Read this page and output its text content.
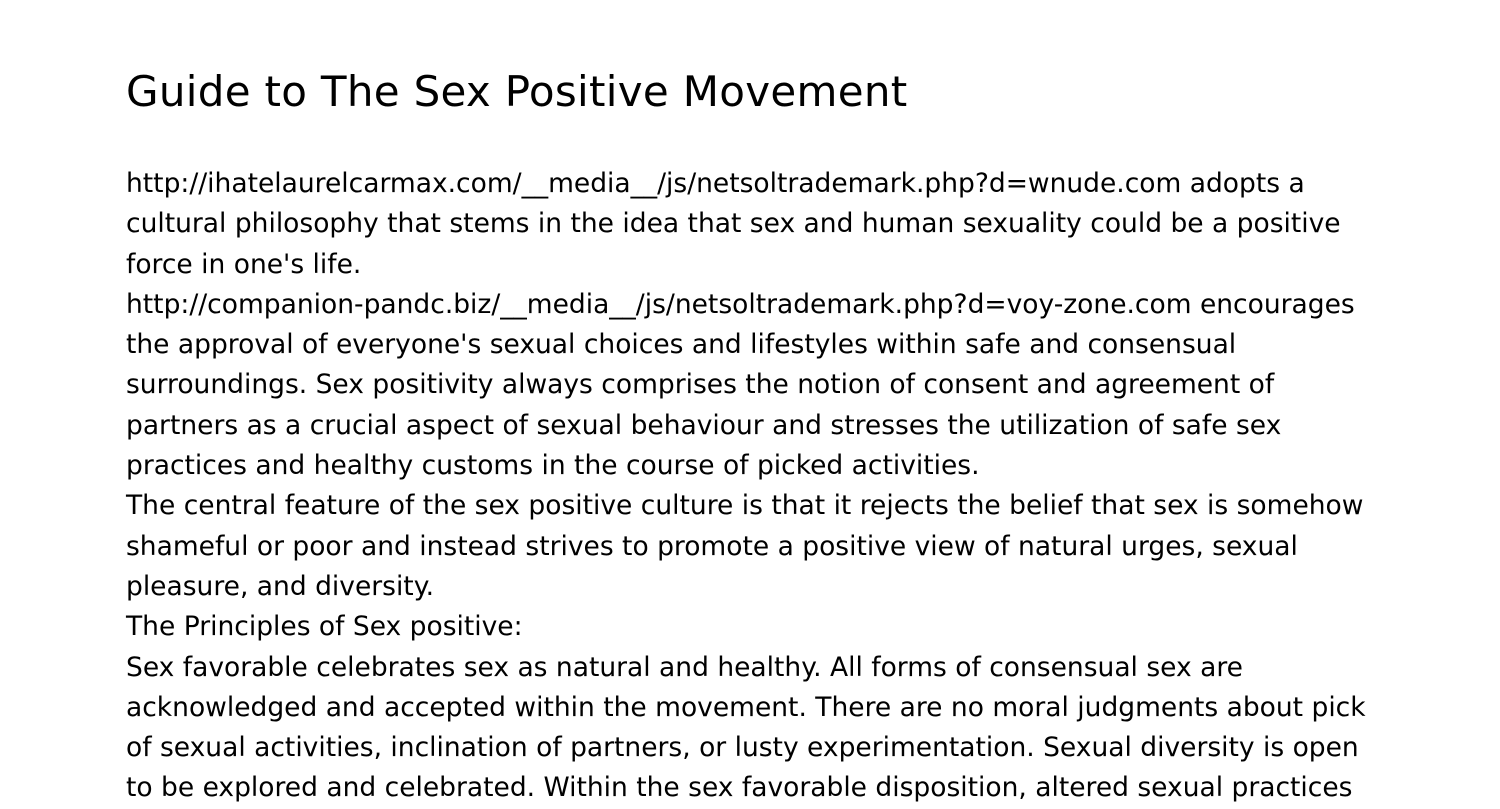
Guide to The Sex Positive Movement

http://ihatelaurelcarmax.com/__media__/js/netsoltrademark.php?d=wnude.com adopts a cultural philosophy that stems in the idea that sex and human sexuality could be a positive force in one's life.

http://companion-pandc.biz/__media__/js/netsoltrademark.php?d=voy-zone.com encourages the approval of everyone's sexual choices and lifestyles within safe and consensual surroundings. Sex positivity always comprises the notion of consent and agreement of partners as a crucial aspect of sexual behaviour and stresses the utilization of safe sex practices and healthy customs in the course of picked activities.

The central feature of the sex positive culture is that it rejects the belief that sex is somehow shameful or poor and instead strives to promote a positive view of natural urges, sexual pleasure, and diversity.

The Principles of Sex positive:

Sex favorable celebrates sex as natural and healthy. All forms of consensual sex are acknowledged and accepted within the movement. There are no moral judgments about pick of sexual activities, inclination of partners, or lusty experimentation. Sexual diversity is open to be explored and celebrated. Within the sex favorable disposition, altered sexual practices
